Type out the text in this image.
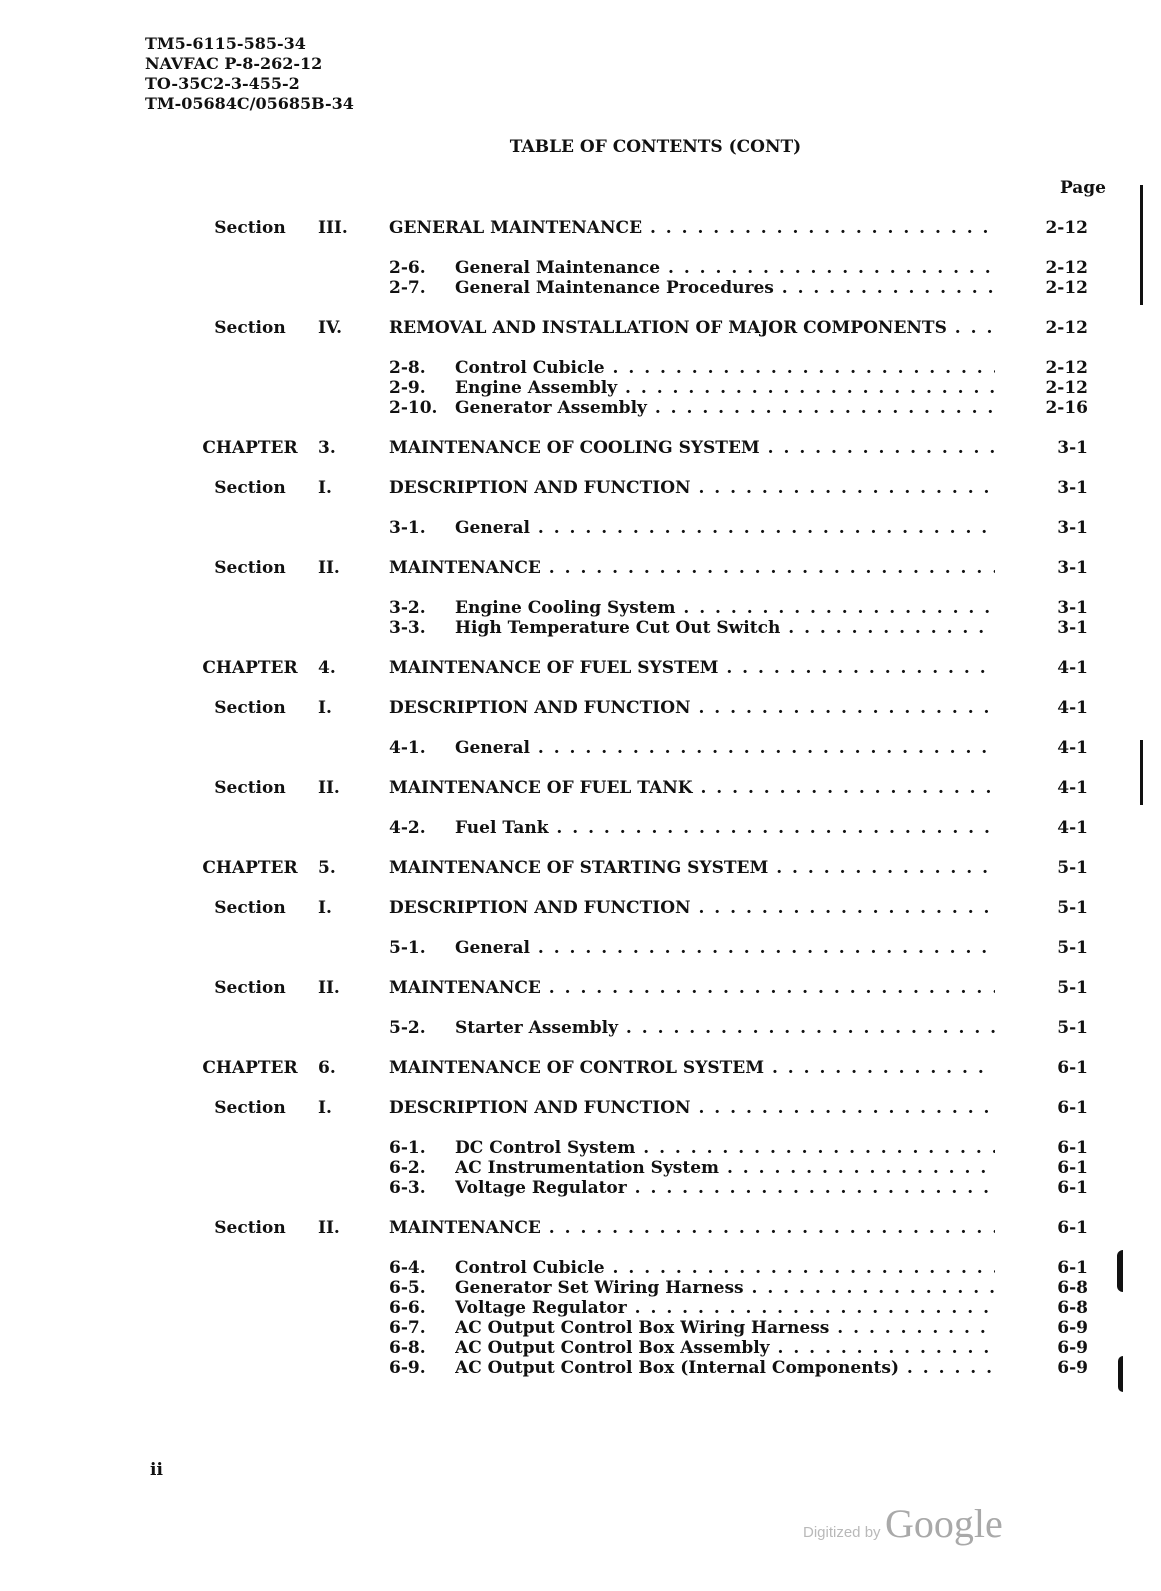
TM5-6115-585-34
NAVFAC P-8-262-12
TO-35C2-3-455-2
TM-05684C/05685B-34
TABLE OF CONTENTS (CONT)
Page
Section	III. GENERAL MAINTENANCE . . .	2-12
2-6. General Maintenance . . .	2-12
2-7. General Maintenance Procedures . . .	2-12
Section	IV.	REMOVAL AND INSTALLATION OF MAJOR COMPONENTS . . .	2-12
2-8. Control Cubicle . . .	2-12
2-9. Engine Assembly . . .	2-12
2-10. Generator Assembly . . .	2-16
CHAPTER	3.	MAINTENANCE OF COOLING SYSTEM . . .	3-1
Section	I.	DESCRIPTION AND FUNCTION . . .	3-1
3-1. General . . .	3-1
Section	II.	MAINTENANCE . . .	3-1
3-2. Engine Cooling System . . .	3-1
3-3. High Temperature Cut Out Switch . . .	3-1
CHAPTER	4.	MAINTENANCE OF FUEL SYSTEM . . .	4-1
Section	I.	DESCRIPTION AND FUNCTION . . .	4-1
4-1. General . . .	4-1
Section	II.	MAINTENANCE OF FUEL TANK . . .	4-1
4-2. Fuel Tank . . .	4-1
CHAPTER	5.	MAINTENANCE OF STARTING SYSTEM . . .	5-1
Section	I.	DESCRIPTION AND FUNCTION . . .	5-1
5-1. General . . .	5-1
Section	II.	MAINTENANCE . . .	5-1
5-2. Starter Assembly . . .	5-1
CHAPTER	6.	MAINTENANCE OF CONTROL SYSTEM . . .	6-1
Section	I.	DESCRIPTION AND FUNCTION . . .	6-1
6-1. DC Control System . . .	6-1
6-2. AC Instrumentation System . . .	6-1
6-3. Voltage Regulator . . .	6-1
Section	II.	MAINTENANCE . . .	6-1
6-4. Control Cubicle . . .	6-1
6-5. Generator Set Wiring Harness . . .	6-8
6-6. Voltage Regulator . . .	6-8
6-7. AC Output Control Box Wiring Harness . . .	6-9
6-8. AC Output Control Box Assembly . . .	6-9
6-9. AC Output Control Box (Internal Components) . . .	6-9
ii
Digitized by Google
